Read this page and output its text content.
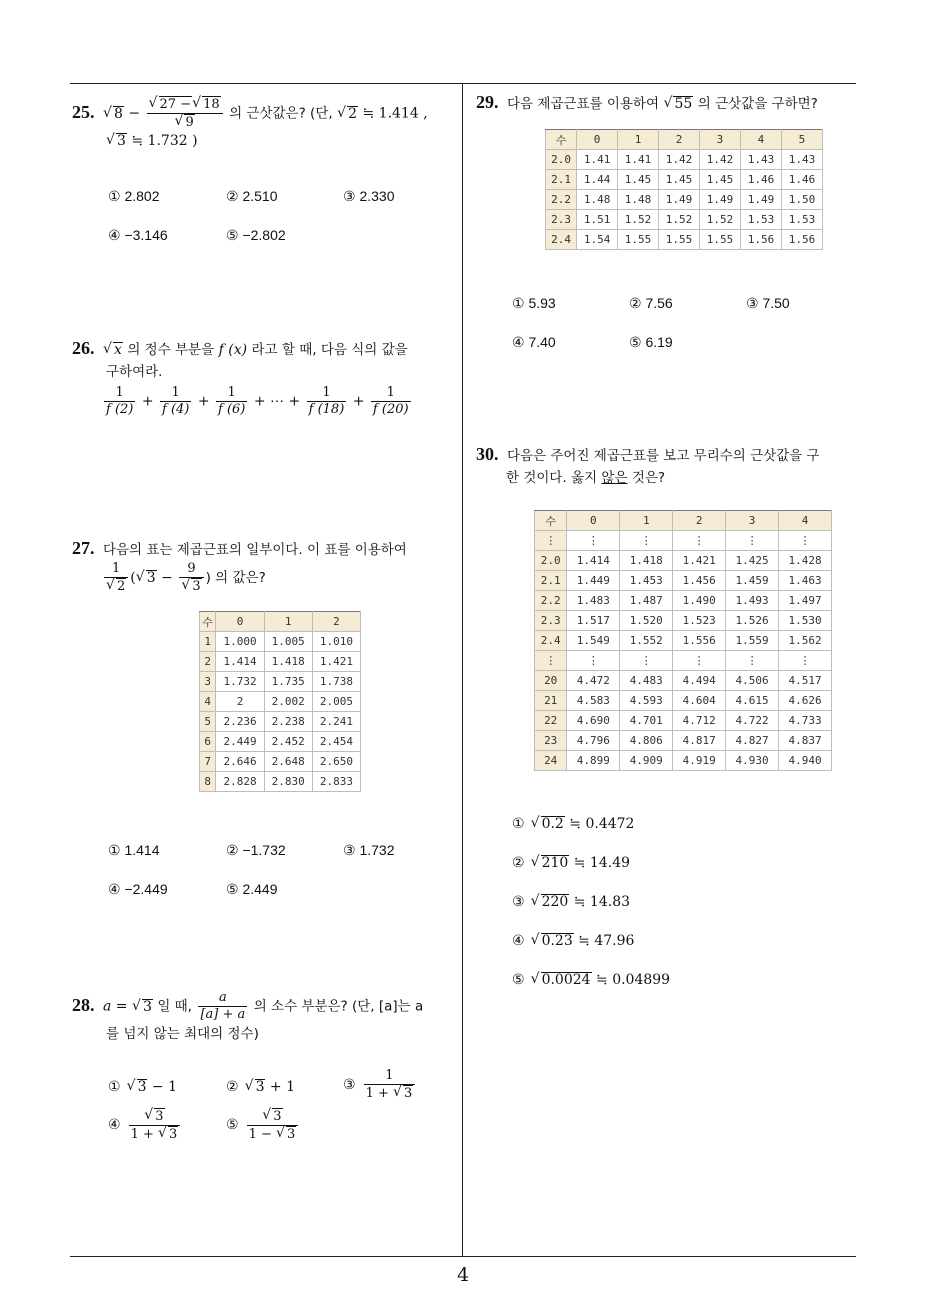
25. √ 8 − √ 27 −√ 18
√ 9 의 근삿값은? (단, √ 2 ≒ 1.414 ,
√ 3 ≒ 1.732 )
① 2.802	② 2.510	③ 2.330
④ −3.146	⑤ −2.802
26. √ x 의 정수 부분을 f (x) 라고 할 때, 다음 식의 값을
구하여라.
$\frac{1}{f (2)} + \frac{1}{f (4)} + \frac{1}{f (6)}$ + ⋯ + $\frac{1}{f (18)} + \frac{1}{f (20)}$
27. 다음의 표는 제곱근표의 일부이다. 이 표를 이용하여
1
√ 2 ( √ 3 − 9
√ 3 ) 의 값은?
수	0	1	2
1	1.000	1.005	1.010
2	1.414	1.418	1.421
3	1.732	1.735	1.738
4	2	2.002	2.005
5	2.236	2.238	2.241
6	2.449	2.452	2.454
7	2.646	2.648	2.650
8	2.828	2.830	2.833
① 1.414	② −1.732	③ 1.732
④ −2.449	⑤ 2.449
28. a = √ 3 일 때, $\frac{a}{[a] + a}$ 의 소수 부분은? (단, [a]는 a
를 넘지 않는 최대의 정수)
① √ 3 − 1	② √ 3 + 1	③ $\frac{1}{1 + √ 3}$
④ √ $\frac{3}{1 + √ 3}$	⑤ √ $\frac{3}{1 - √ 3}$
29. 다음 제곱근표를 이용하여 √ 55 의 근삿값을 구하면?
수	0	1	2	3	4	5
2.0	1.41	1.41	1.42	1.42	1.43	1.43
2.1	1.44	1.45	1.45	1.45	1.46	1.46
2.2	1.48	1.48	1.49	1.49	1.49	1.50
2.3	1.51	1.52	1.52	1.52	1.53	1.53
2.4	1.54	1.55	1.55	1.55	1.56	1.56
① 5.93	② 7.56	③ 7.50
④ 7.40	⑤ 6.19
30. 다음은 주어진 제곱근표를 보고 무리수의 근삿값을 구
한 것이다. 옳지 않은 것은?
수	0	1	2	3	4
⋮	⋮	⋮	⋮	⋮	⋮
2.0	1.414	1.418	1.421	1.425	1.428
2.1	1.449	1.453	1.456	1.459	1.463
2.2	1.483	1.487	1.490	1.493	1.497
2.3	1.517	1.520	1.523	1.526	1.530
2.4	1.549	1.552	1.556	1.559	1.562
⋮	⋮	⋮	⋮	⋮	⋮
20	4.472	4.483	4.494	4.506	4.517
21	4.583	4.593	4.604	4.615	4.626
22	4.690	4.701	4.712	4.722	4.733
23	4.796	4.806	4.817	4.827	4.837
24	4.899	4.909	4.919	4.930	4.940
① √ 0.2 ≒ 0.4472
② √ 210 ≒ 14.49
③ √ 220 ≒ 14.83
④ √ 0.23 ≒ 47.96
⑤ √ 0.0024 ≒ 0.04899
4
